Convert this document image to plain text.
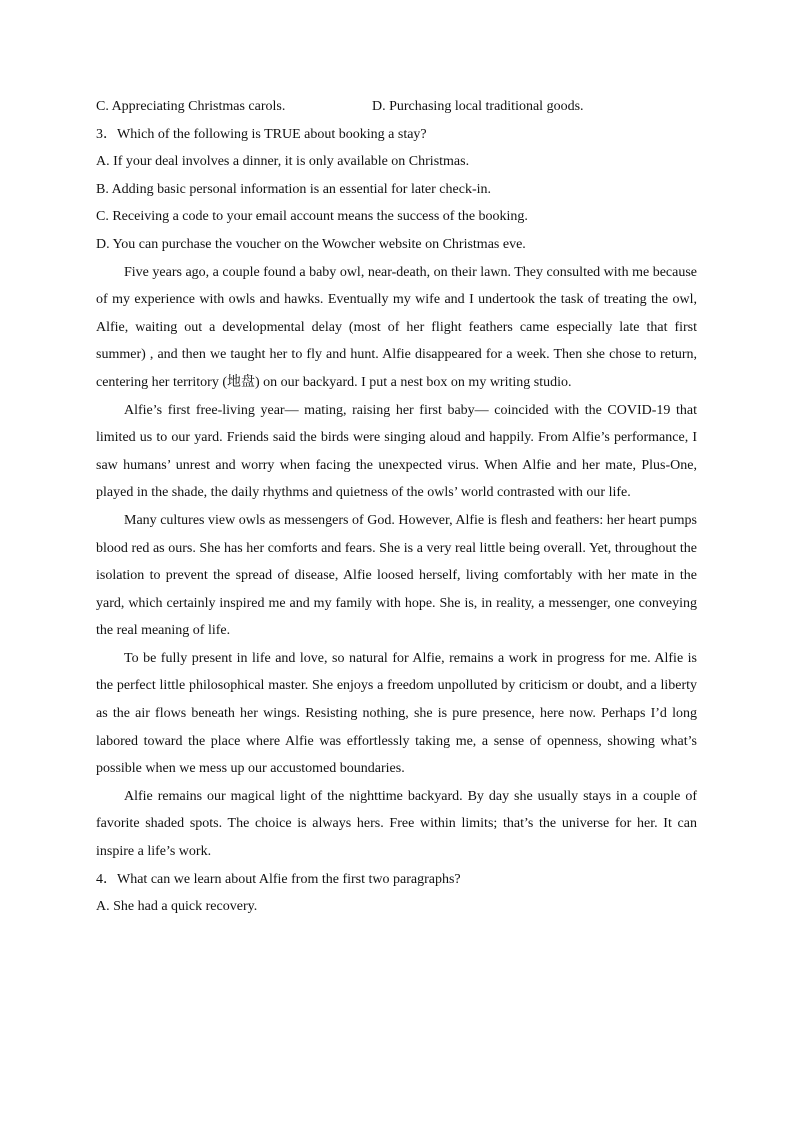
C. Appreciating Christmas carols.	D. Purchasing local traditional goods.
3．Which of the following is TRUE about booking a stay?
A. If your deal involves a dinner, it is only available on Christmas.
B. Adding basic personal information is an essential for later check-in.
C. Receiving a code to your email account means the success of the booking.
D. You can purchase the voucher on the Wowcher website on Christmas eve.

Five years ago, a couple found a baby owl, near-death, on their lawn. They consulted with me because of my experience with owls and hawks. Eventually my wife and I undertook the task of treating the owl, Alfie, waiting out a developmental delay (most of her flight feathers came especially late that first summer) , and then we taught her to fly and hunt. Alfie disappeared for a week. Then she chose to return, centering her territory (地盘) on our backyard. I put a nest box on my writing studio.

Alfie’s first free-living year— mating, raising her first baby— coincided with the COVID-19 that limited us to our yard. Friends said the birds were singing aloud and happily. From Alfie’s performance, I saw humans’ unrest and worry when facing the unexpected virus. When Alfie and her mate, Plus-One, played in the shade, the daily rhythms and quietness of the owls’ world contrasted with our life.

Many cultures view owls as messengers of God. However, Alfie is flesh and feathers: her heart pumps blood red as ours. She has her comforts and fears. She is a very real little being overall. Yet, throughout the isolation to prevent the spread of disease, Alfie loosed herself, living comfortably with her mate in the yard, which certainly inspired me and my family with hope. She is, in reality, a messenger, one conveying the real meaning of life.

To be fully present in life and love, so natural for Alfie, remains a work in progress for me. Alfie is the perfect little philosophical master. She enjoys a freedom unpolluted by criticism or doubt, and a liberty as the air flows beneath her wings. Resisting nothing, she is pure presence, here now. Perhaps I’d long labored toward the place where Alfie was effortlessly taking me, a sense of openness, showing what’s possible when we mess up our accustomed boundaries.

Alfie remains our magical light of the nighttime backyard. By day she usually stays in a couple of favorite shaded spots. The choice is always hers. Free within limits; that’s the universe for her. It can inspire a life’s work.

4．What can we learn about Alfie from the first two paragraphs?
A. She had a quick recovery.
